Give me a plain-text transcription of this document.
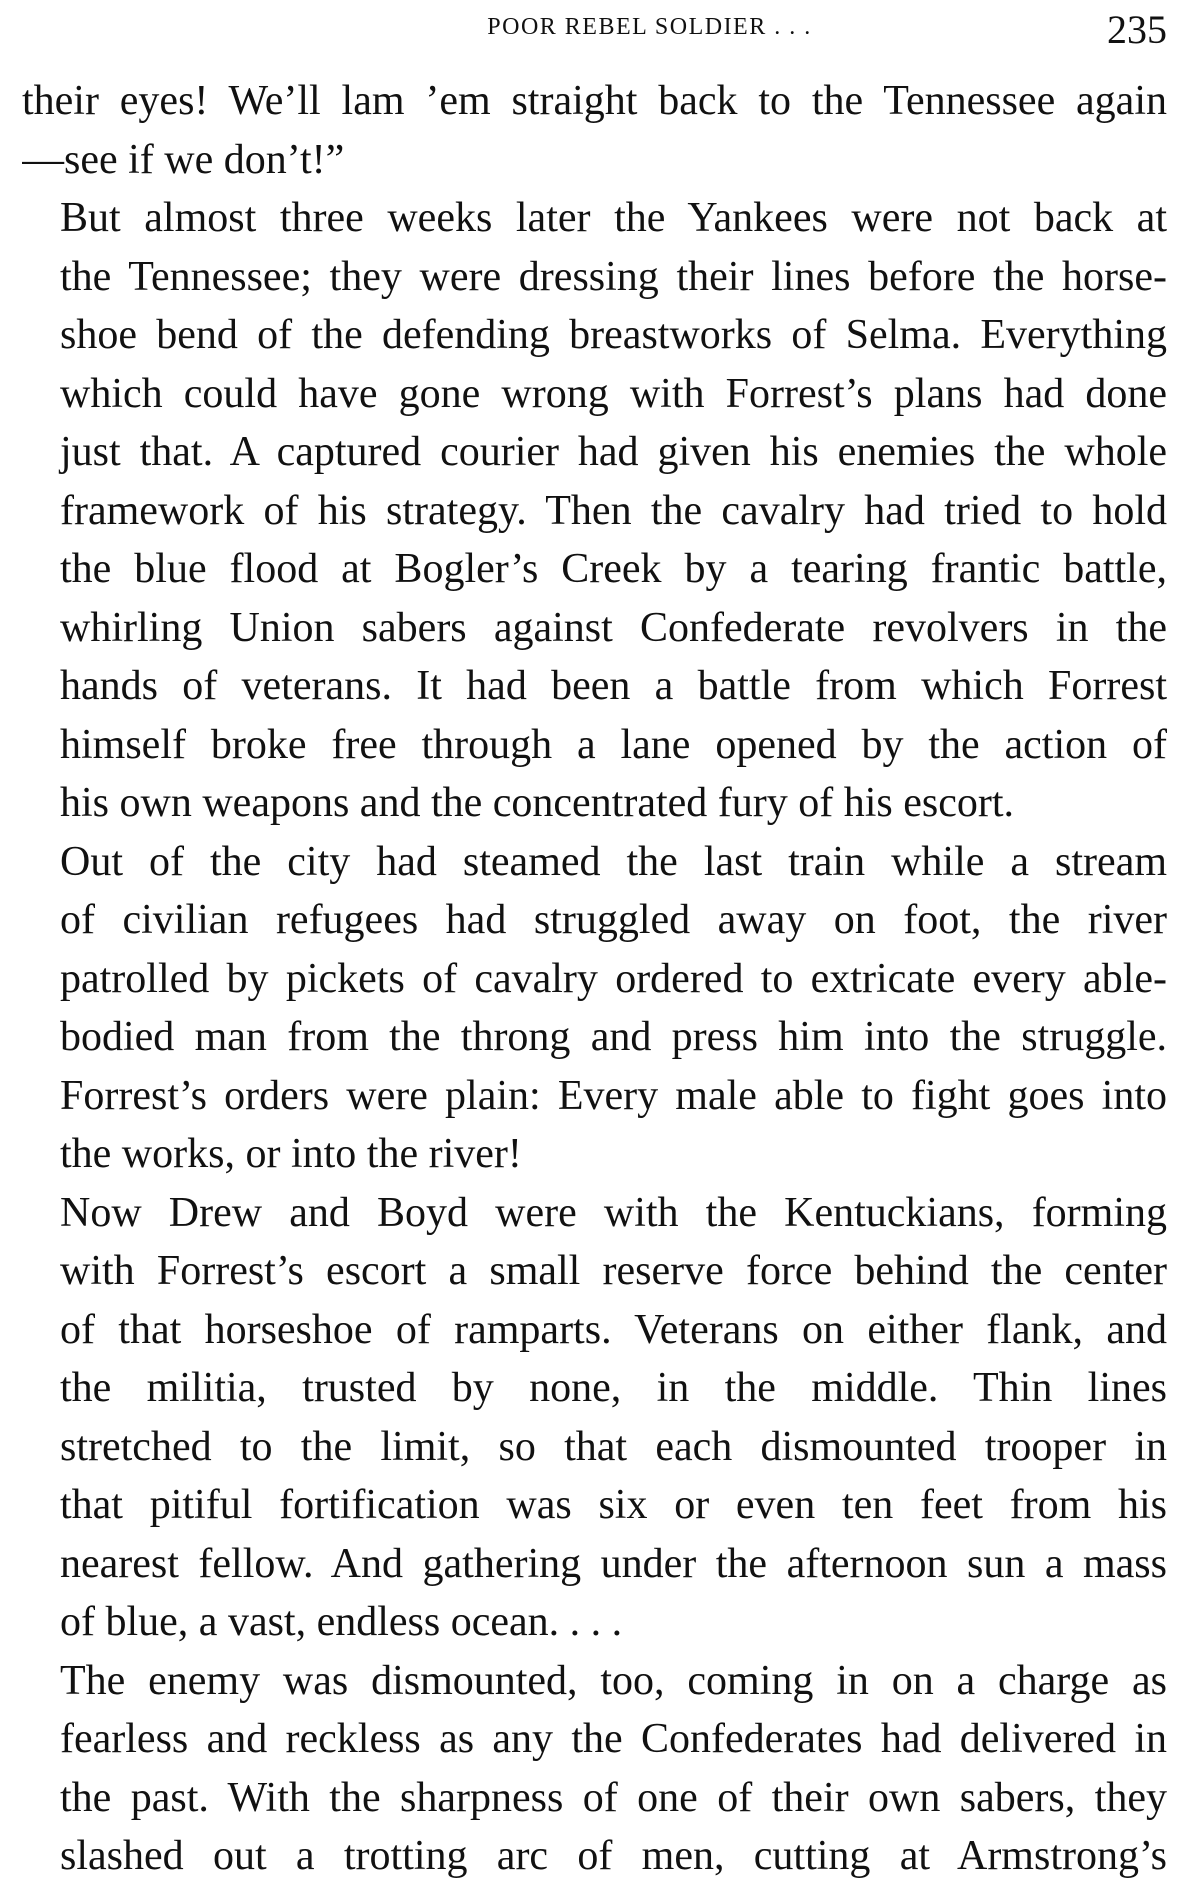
POOR REBEL SOLDIER . . .	235

their eyes! We’ll lam ’em straight back to the Tennessee again
—see if we don’t!”

But almost three weeks later the Yankees were not back at
the Tennessee; they were dressing their lines before the horse-
shoe bend of the defending breastworks of Selma. Everything
which could have gone wrong with Forrest’s plans had done
just that. A captured courier had given his enemies the whole
framework of his strategy. Then the cavalry had tried to hold
the blue flood at Bogler’s Creek by a tearing frantic battle,
whirling Union sabers against Confederate revolvers in the
hands of veterans. It had been a battle from which Forrest
himself broke free through a lane opened by the action of
his own weapons and the concentrated fury of his escort.

Out of the city had steamed the last train while a stream
of civilian refugees had struggled away on foot, the river
patrolled by pickets of cavalry ordered to extricate every able-
bodied man from the throng and press him into the struggle.
Forrest’s orders were plain: Every male able to fight goes into
the works, or into the river!

Now Drew and Boyd were with the Kentuckians, forming
with Forrest’s escort a small reserve force behind the center
of that horseshoe of ramparts. Veterans on either flank, and
the militia, trusted by none, in the middle. Thin lines
stretched to the limit, so that each dismounted trooper in
that pitiful fortification was six or even ten feet from his
nearest fellow. And gathering under the afternoon sun a mass
of blue, a vast, endless ocean. . . .

The enemy was dismounted, too, coming in on a charge as
fearless and reckless as any the Confederates had delivered in
the past. With the sharpness of one of their own sabers, they
slashed out a trotting arc of men, cutting at Armstrong’s
